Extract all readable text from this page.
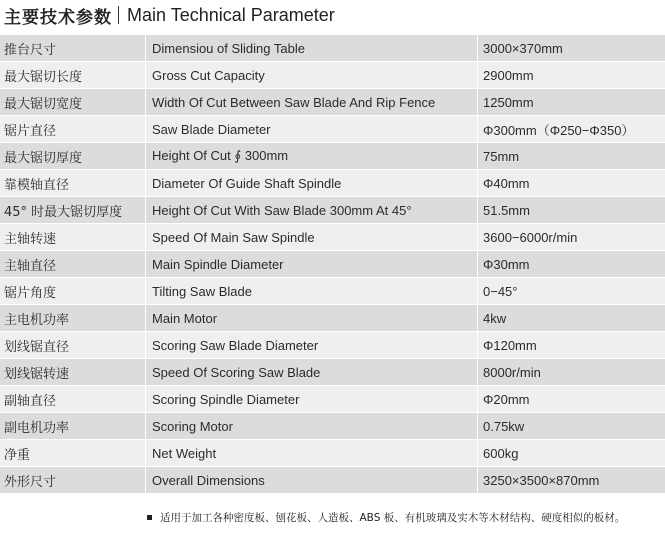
主要技术参数 Main Technical Parameter
推台尺寸	Dimensiou of Sliding Table	3000×370mm
最大锯切长度	Gross Cut Capacity	2900mm
最大锯切宽度	Width Of Cut Between Saw Blade And Rip Fence	1250mm
锯片直径	Saw Blade Diameter	Φ300mm（Φ250−Φ350）
最大锯切厚度	Height Of Cut ∮ 300mm	75mm
靠模轴直径	Diameter Of Guide Shaft Spindle	Φ40mm
45° 时最大锯切厚度	Height Of Cut With Saw Blade 300mm At 45°	51.5mm
主轴转速	Speed Of Main Saw Spindle	3600−6000r/min
主轴直径	Main Spindle Diameter	Φ30mm
锯片角度	Tilting Saw Blade	0−45°
主电机功率	Main Motor	4kw
划线锯直径	Scoring Saw Blade Diameter	Φ120mm
划线锯转速	Speed Of Scoring Saw Blade	8000r/min
副轴直径	Scoring Spindle Diameter	Φ20mm
副电机功率	Scoring Motor	0.75kw
净重	Net Weight	600kg
外形尺寸	Overall Dimensions	3250×3500×870mm
适用于加工各种密度板、刨花板、人造板、ABS 板、有机玻璃及实木等木材结构、硬度相似的板材。
